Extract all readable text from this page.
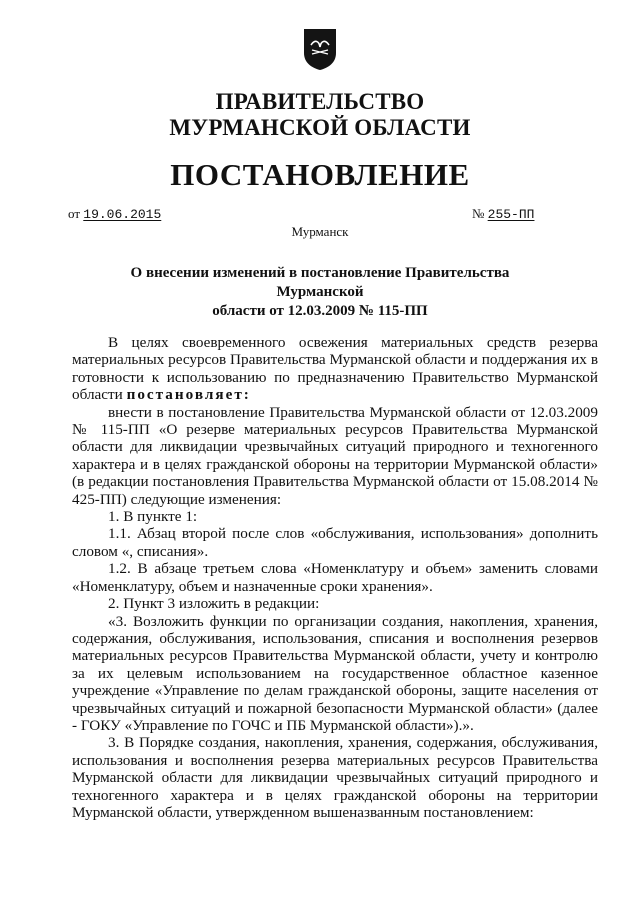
ПРАВИТЕЛЬСТВО
МУРМАНСКОЙ ОБЛАСТИ
ПОСТАНОВЛЕНИЕ
от 19.06.2015	№ 255-ПП
Мурманск
О внесении изменений в постановление Правительства Мурманской
области от 12.03.2009 № 115-ПП

В целях своевременного освежения материальных средств резерва материальных ресурсов Правительства Мурманской области и поддержания их в готовности к использованию по предназначению Правительство Мурманской области постановляет:

внести в постановление Правительства Мурманской области от 12.03.2009 № 115-ПП «О резерве материальных ресурсов Правительства Мурманской области для ликвидации чрезвычайных ситуаций природного и техногенного характера и в целях гражданской обороны на территории Мурманской области» (в редакции постановления Правительства Мурманской области от 15.08.2014 № 425-ПП) следующие изменения:

1. В пункте 1:

1.1. Абзац второй после слов «обслуживания, использования» дополнить словом «, списания».

1.2. В абзаце третьем слова «Номенклатуру и объем» заменить словами «Номенклатуру, объем и назначенные сроки хранения».

2. Пункт 3 изложить в редакции:

«3. Возложить функции по организации создания, накопления, хранения, содержания, обслуживания, использования, списания и восполнения резервов материальных ресурсов Правительства Мурманской области, учету и контролю за их целевым использованием на государственное областное казенное учреждение «Управление по делам гражданской обороны, защите населения от чрезвычайных ситуаций и пожарной безопасности Мурманской области» (далее - ГОКУ «Управление по ГОЧС и ПБ Мурманской области»).».

3. В Порядке создания, накопления, хранения, содержания, обслуживания, использования и восполнения резерва материальных ресурсов Правительства Мурманской области для ликвидации чрезвычайных ситуаций природного и техногенного характера и в целях гражданской обороны на территории Мурманской области, утвержденном вышеназванным постановлением:
